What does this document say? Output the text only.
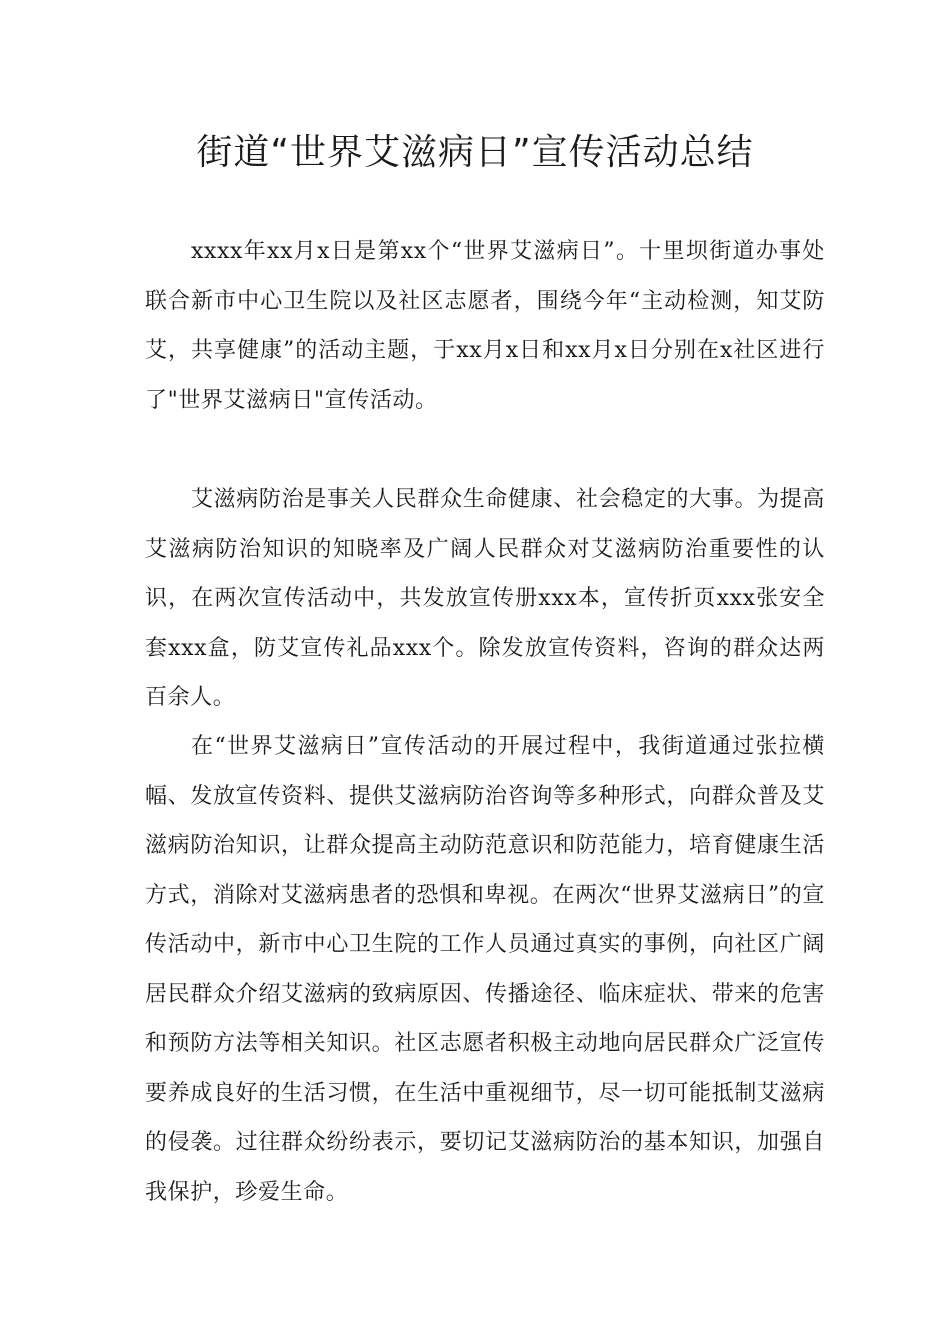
街道“世界艾滋病日”宣传活动总结

xxxx年xx月x日是第xx个“世界艾滋病日”。十里坝街道办事处联合新市中心卫生院以及社区志愿者，围绕今年“主动检测，知艾防艾，共享健康”的活动主题，于xx月x日和xx月x日分别在x社区进行了"世界艾滋病日"宣传活动。

艾滋病防治是事关人民群众生命健康、社会稳定的大事。为提高艾滋病防治知识的知晓率及广阔人民群众对艾滋病防治重要性的认识，在两次宣传活动中，共发放宣传册xxx本，宣传折页xxx张安全套xxx盒，防艾宣传礼品xxx个。除发放宣传资料，咨询的群众达两百余人。

在“世界艾滋病日”宣传活动的开展过程中，我街道通过张拉横幅、发放宣传资料、提供艾滋病防治咨询等多种形式，向群众普及艾滋病防治知识，让群众提高主动防范意识和防范能力，培育健康生活方式，消除对艾滋病患者的恐惧和卑视。在两次“世界艾滋病日”的宣传活动中，新市中心卫生院的工作人员通过真实的事例，向社区广阔居民群众介绍艾滋病的致病原因、传播途径、临床症状、带来的危害和预防方法等相关知识。社区志愿者积极主动地向居民群众广泛宣传要养成良好的生活习惯，在生活中重视细节，尽一切可能抵制艾滋病的侵袭。过往群众纷纷表示，要切记艾滋病防治的基本知识，加强自我保护，珍爱生命。
